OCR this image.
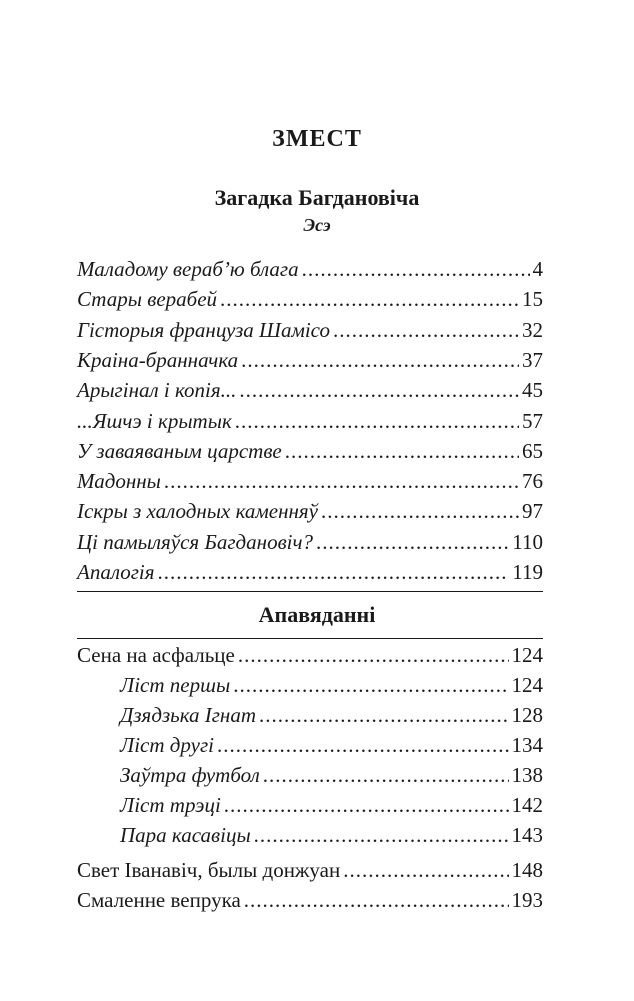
ЗМЕСТ
Загадка Багдановіча
Эсэ
Маладому вераб’ю блага .....	4
Стары верабей .....	15
Гісторыя француза Шамісо .....	32
Краіна-бранначка .....	37
Арыгінал і копія... .....	45
...Яшчэ і крытык .....	57
У заваяваным царстве .....	65
Мадонны .....	76
Іскры з халодных каменняў .....	97
Ці памыляўся Багдановіч? .....	110
Апалогія .....	119
Апавяданні
Сена на асфальце .....	124
Ліст першы .....	124
Дзядзька Ігнат .....	128
Ліст другі .....	134
Заўтра футбол .....	138
Ліст трэці .....	142
Пара касавіцы .....	143
Свет Іванавіч, былы донжуан .....	148
Смаленне вепрука .....	193
